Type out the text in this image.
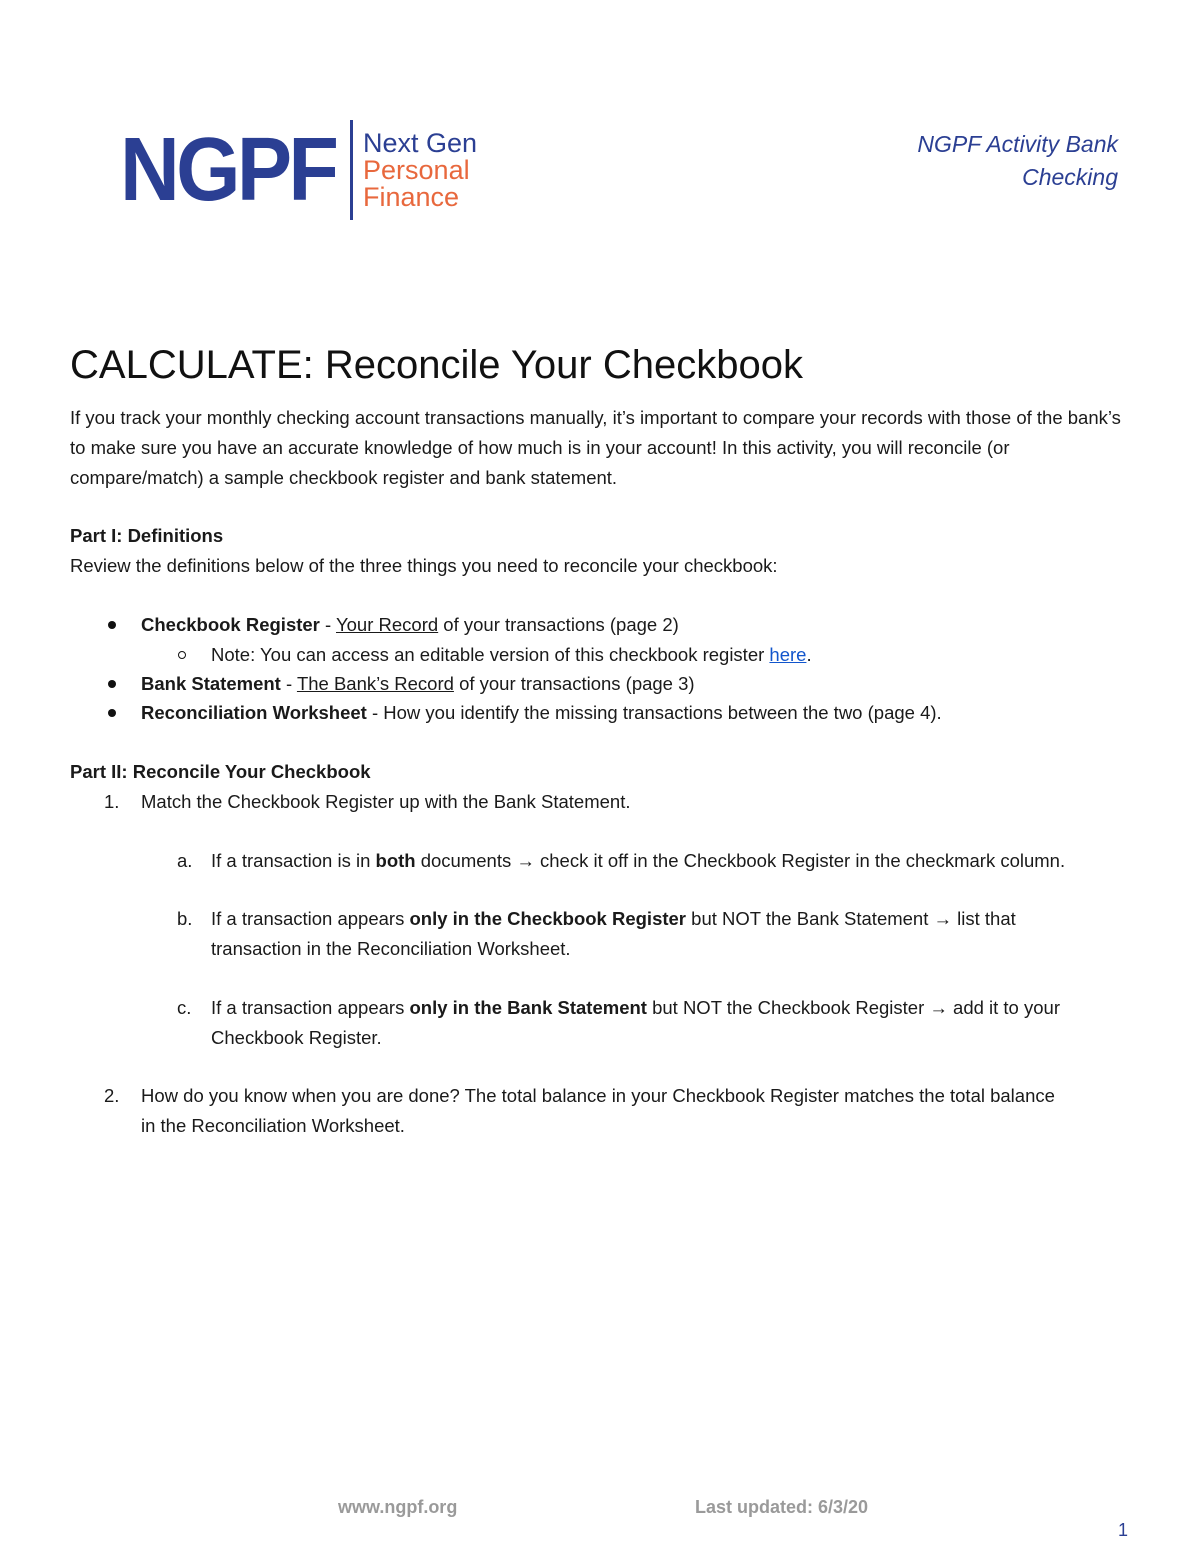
NGPF Next Gen
Personal
Finance
NGPF Activity Bank
Checking
CALCULATE: Reconcile Your Checkbook

If you track your monthly checking account transactions manually, it’s important to compare your records with those of the bank’s to make sure you have an accurate knowledge of how much is in your account! In this activity, you will reconcile (or compare/match) a sample checkbook register and bank statement.

Part I: Definitions

Review the definitions below of the three things you need to reconcile your checkbook:

Checkbook Register - Your Record of your transactions (page 2)

Note: You can access an editable version of this checkbook register here.

Bank Statement - The Bank’s Record of your transactions (page 3)

Reconciliation Worksheet - How you identify the missing transactions between the two (page 4).

Part II: Reconcile Your Checkbook

1. Match the Checkbook Register up with the Bank Statement.

a. If a transaction is in both documents → check it off in the Checkbook Register in the checkmark column.

b. If a transaction appears only in the Checkbook Register but NOT the Bank Statement → list that

transaction in the Reconciliation Worksheet.

c. If a transaction appears only in the Bank Statement but NOT the Checkbook Register → add it to your

Checkbook Register.

2. How do you know when you are done? The total balance in your Checkbook Register matches the total balance

in the Reconciliation Worksheet.

www.ngpf.org	Last updated: 6/3/20
1
